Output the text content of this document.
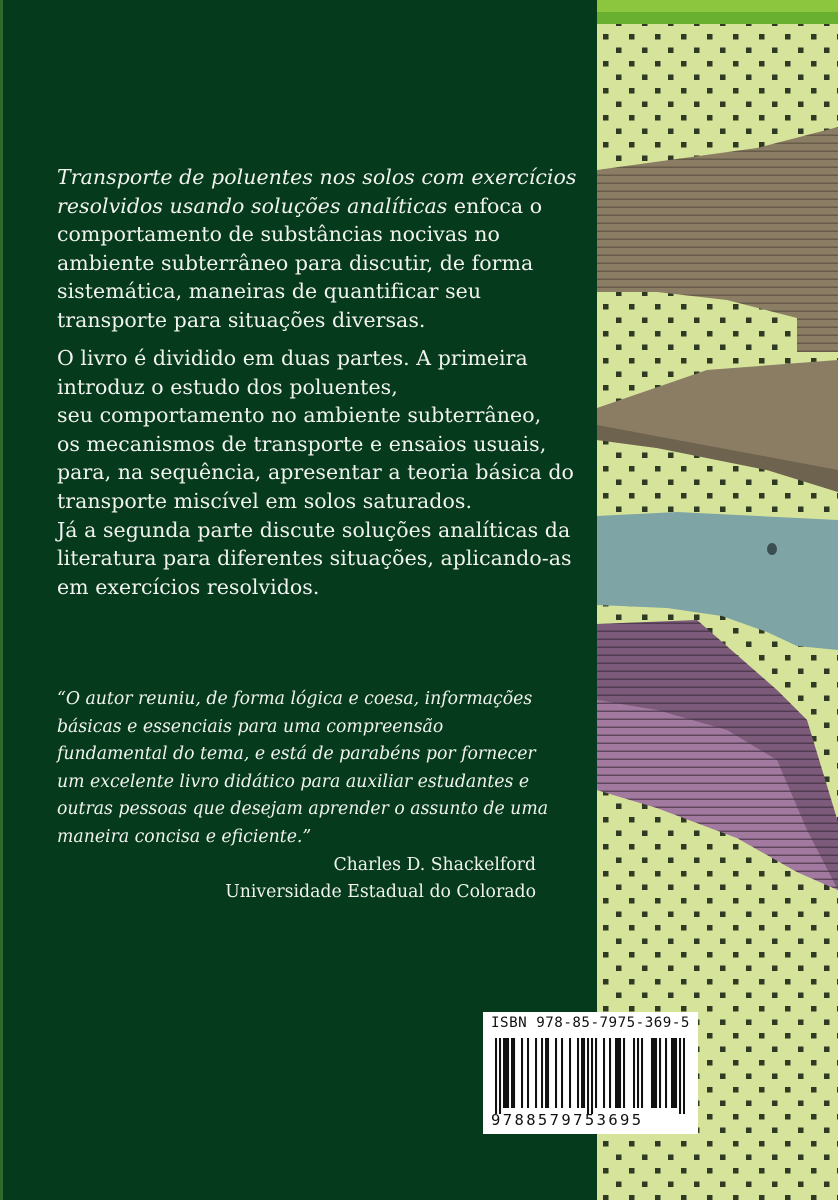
Transporte de poluentes nos solos com exercícios
resolvidos usando soluções analíticas enfoca o
comportamento de substâncias nocivas no
ambiente subterrâneo para discutir, de forma
sistemática, maneiras de quantificar seu
transporte para situações diversas.
O livro é dividido em duas partes. A primeira
introduz o estudo dos poluentes,
seu comportamento no ambiente subterrâneo,
os mecanismos de transporte e ensaios usuais,
para, na sequência, apresentar a teoria básica do
transporte miscível em solos saturados.
Já a segunda parte discute soluções analíticas da
literatura para diferentes situações, aplicando-as
em exercícios resolvidos.
“O autor reuniu, de forma lógica e coesa, informações
básicas e essenciais para uma compreensão
fundamental do tema, e está de parabéns por fornecer
um excelente livro didático para auxiliar estudantes e
outras pessoas que desejam aprender o assunto de uma
maneira concisa e eficiente.”
Charles D. Shackelford
Universidade Estadual do Colorado
ISBN 978-85-7975-369-5
9788579753695
